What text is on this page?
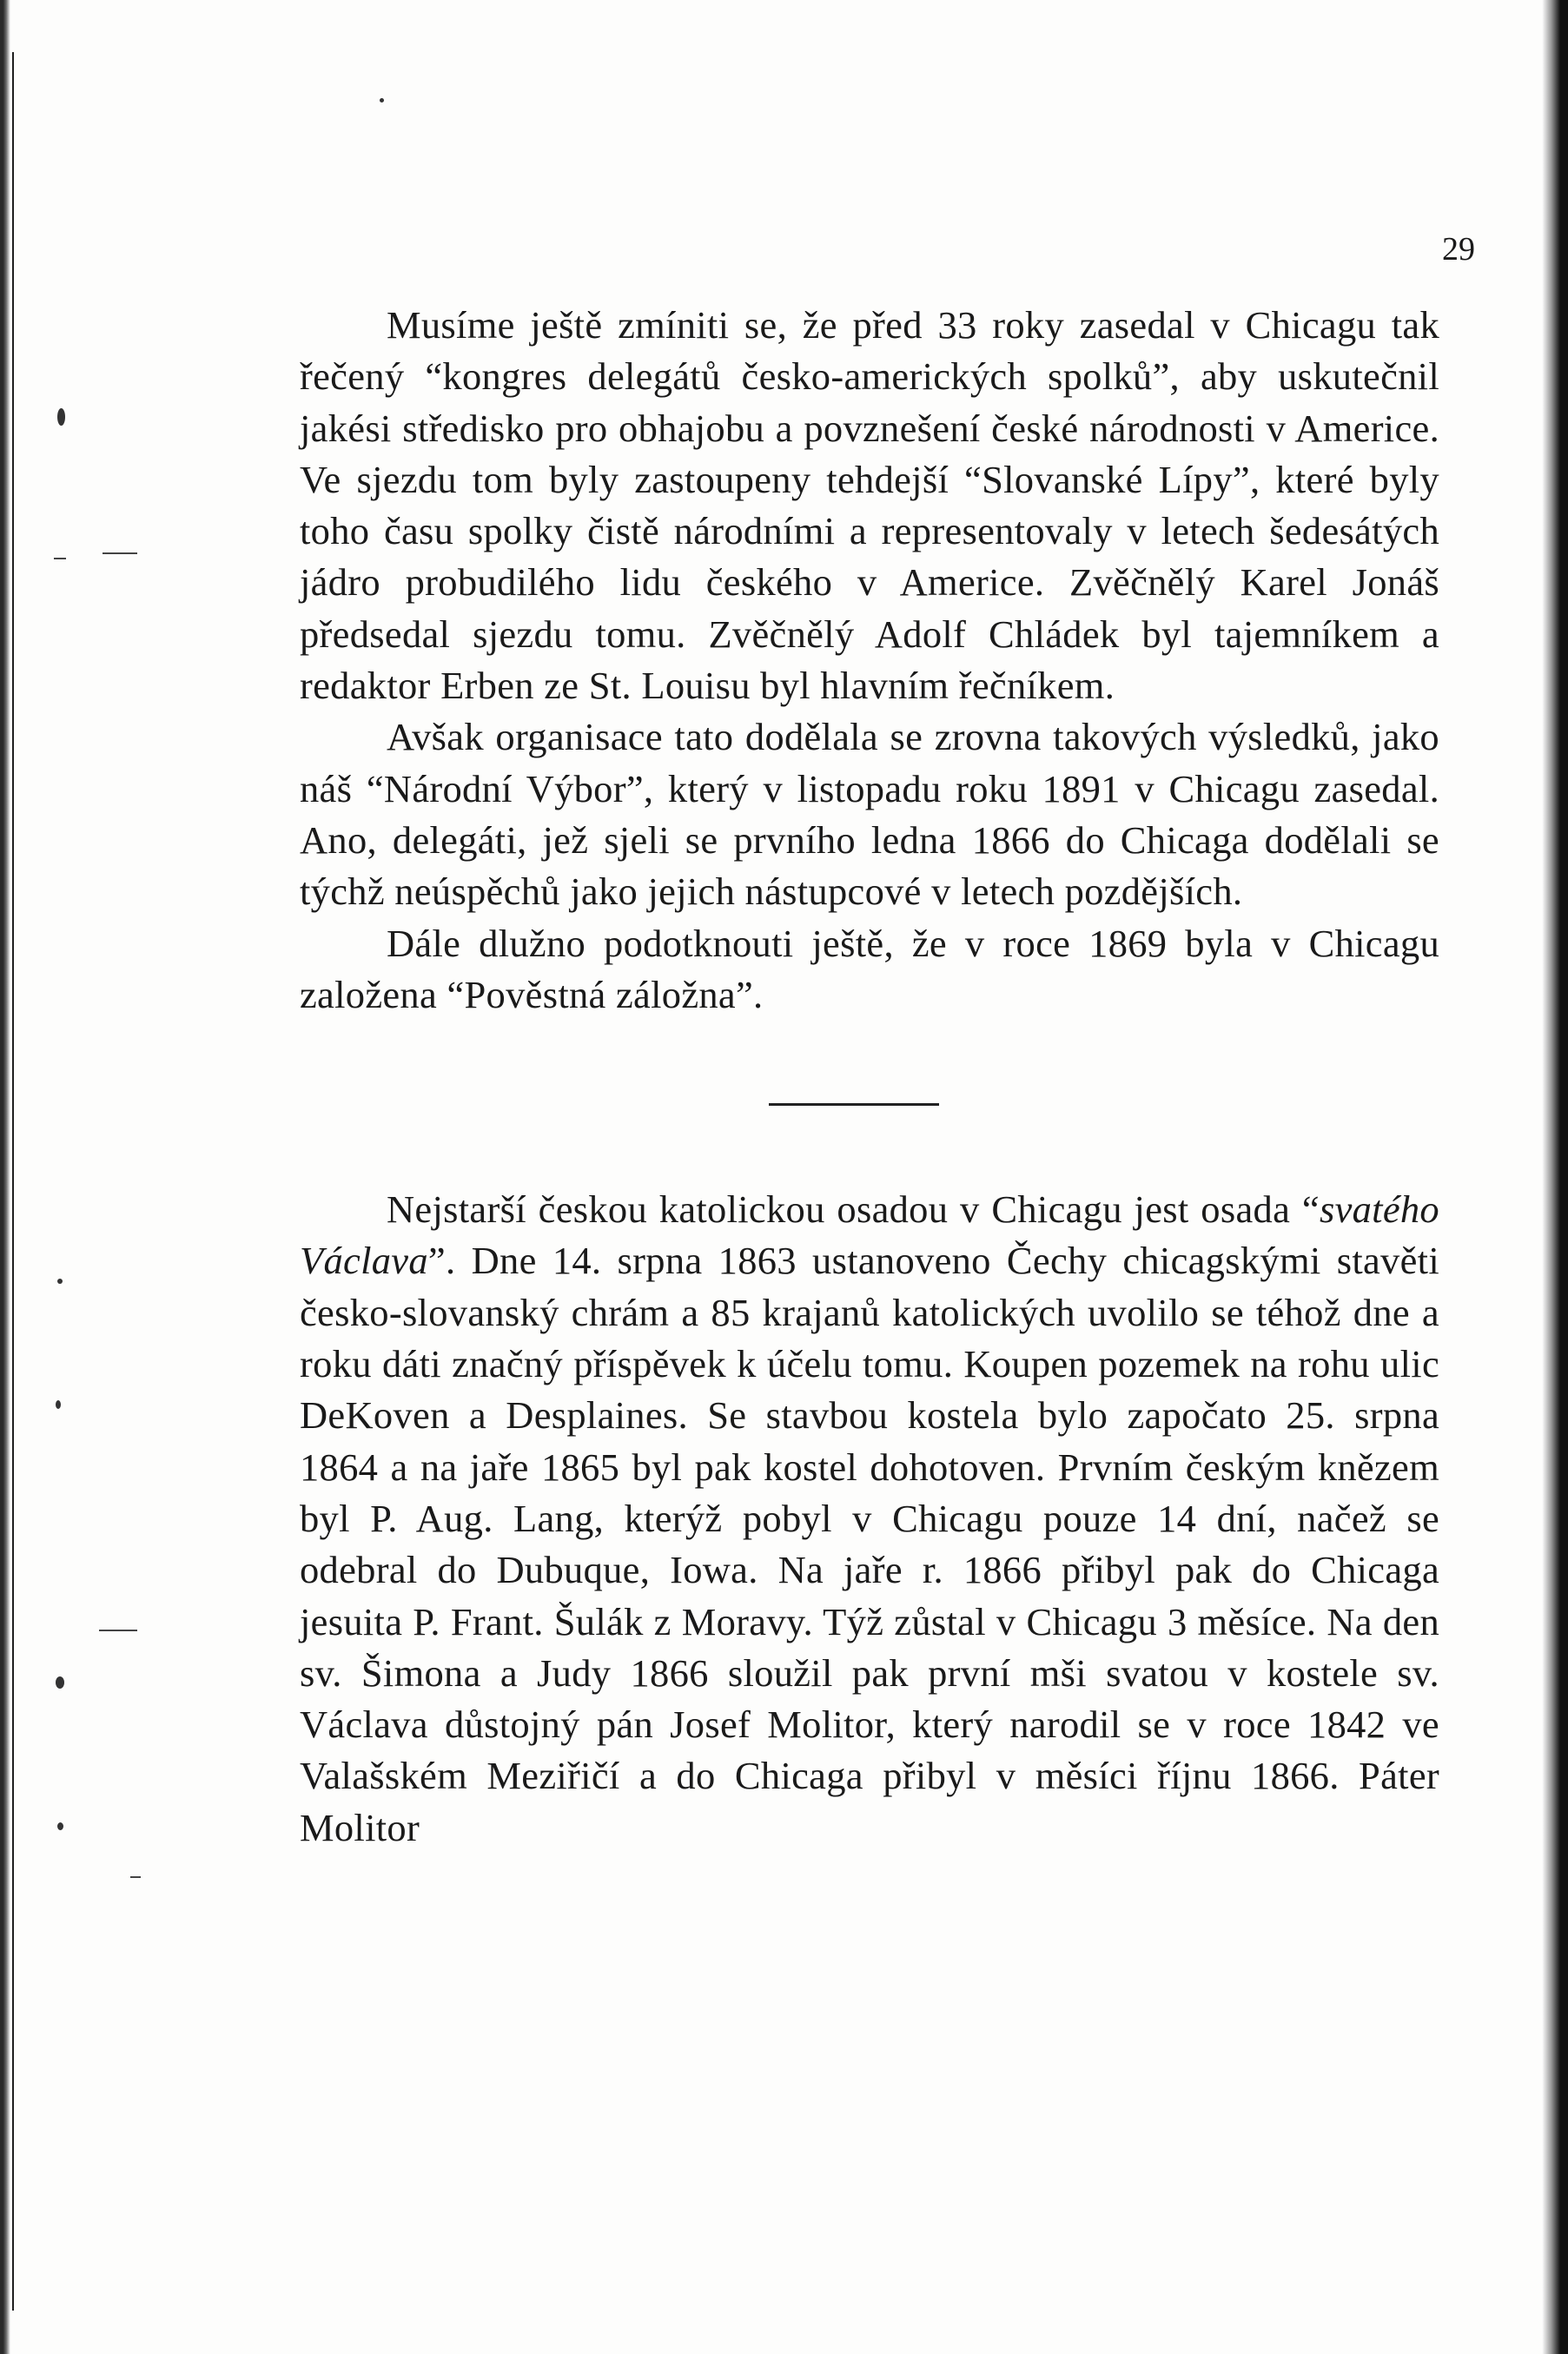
29

Musíme ještě zmíniti se, že před 33 roky zasedal v Chicagu tak řečený “kongres delegátů česko-amerických spolků”, aby uskutečnil jakési středisko pro obhajobu a povznešení české národnosti v Americe. Ve sjezdu tom byly zastoupeny tehdejší “Slovanské Lípy”, které byly toho času spolky čistě národními a representovaly v letech šedesátých jádro probudilého lidu českého v Americe. Zvěčnělý Karel Jonáš předsedal sjezdu tomu. Zvěčnělý Adolf Chládek byl tajemníkem a redaktor Erben ze St. Louisu byl hlavním řečníkem.

Avšak organisace tato dodělala se zrovna takových výsledků, jako náš “Národní Výbor”, který v listopadu roku 1891 v Chicagu zasedal. Ano, delegáti, jež sjeli se prvního ledna 1866 do Chicaga dodělali se týchž neúspěchů jako jejich nástupcové v letech pozdějších.

Dále dlužno podotknouti ještě, že v roce 1869 byla v Chicagu založena “Pověstná záložna”.

Nejstarší českou katolickou osadou v Chicagu jest osada “svatého Václava”. Dne 14. srpna 1863 ustanoveno Čechy chicagskými stavěti česko-slovanský chrám a 85 krajanů katolických uvolilo se téhož dne a roku dáti značný příspěvek k účelu tomu. Koupen pozemek na rohu ulic DeKoven a Desplaines. Se stavbou kostela bylo započato 25. srpna 1864 a na jaře 1865 byl pak kostel dohotoven. Prvním českým knězem byl P. Aug. Lang, kterýž pobyl v Chicagu pouze 14 dní, načež se odebral do Dubuque, Iowa. Na jaře r. 1866 přibyl pak do Chicaga jesuita P. Frant. Šulák z Moravy. Týž zůstal v Chicagu 3 měsíce. Na den sv. Šimona a Judy 1866 sloužil pak první mši svatou v kostele sv. Václava důstojný pán Josef Molitor, který narodil se v roce 1842 ve Valašském Meziřičí a do Chicaga přibyl v měsíci říjnu 1866. Páter Molitor
